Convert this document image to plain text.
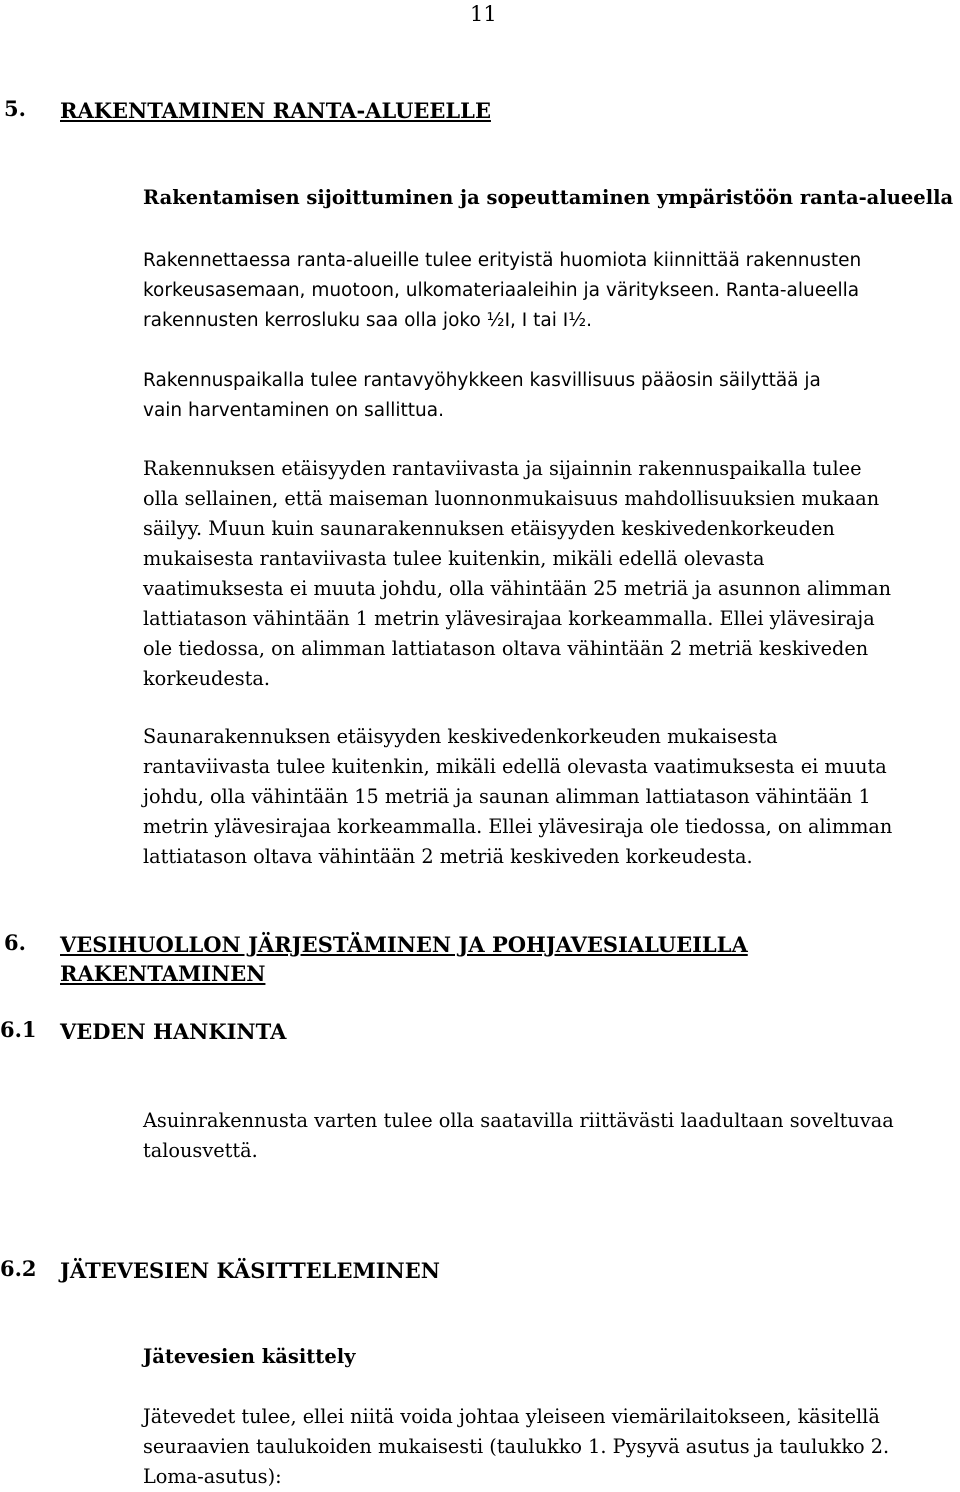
11
5. RAKENTAMINEN RANTA-ALUEELLE
Rakentamisen sijoittuminen ja sopeuttaminen ympäristöön ranta-alueella

Rakennettaessa ranta-alueille tulee erityistä huomiota kiinnittää rakennusten
korkeusasemaan, muotoon, ulkomateriaaleihin ja väritykseen. Ranta-alueella
rakennusten kerrosluku saa olla joko ½I, I tai I½.

Rakennuspaikalla tulee rantavyöhykkeen kasvillisuus pääosin säilyttää ja
vain harventaminen on sallittua.

Rakennuksen etäisyyden rantaviivasta ja sijainnin rakennuspaikalla tulee
olla sellainen, että maiseman luonnonmukaisuus mahdollisuuksien mukaan
säilyy. Muun kuin saunarakennuksen etäisyyden keskivedenkorkeuden
mukaisesta rantaviivasta tulee kuitenkin, mikäli edellä olevasta
vaatimuksesta ei muuta johdu, olla vähintään 25 metriä ja asunnon alimman
lattiatason vähintään 1 metrin ylävesirajaa korkeammalla. Ellei ylävesiraja
ole tiedossa, on alimman lattiatason oltava vähintään 2 metriä keskiveden
korkeudesta.

Saunarakennuksen etäisyyden keskivedenkorkeuden mukaisesta
rantaviivasta tulee kuitenkin, mikäli edellä olevasta vaatimuksesta ei muuta
johdu, olla vähintään 15 metriä ja saunan alimman lattiatason vähintään 1
metrin ylävesirajaa korkeammalla. Ellei ylävesiraja ole tiedossa, on alimman
lattiatason oltava vähintään 2 metriä keskiveden korkeudesta.

6. VESIHUOLLON JÄRJESTÄMINEN JA POHJAVESIALUEILLA
RAKENTAMINEN
6.1 VEDEN HANKINTA

Asuinrakennusta varten tulee olla saatavilla riittävästi laadultaan soveltuvaa
talousvettä.

6.2 JÄTEVESIEN KÄSITTELEMINEN
Jätevesien käsittely

Jätevedet tulee, ellei niitä voida johtaa yleiseen viemärilaitokseen, käsitellä
seuraavien taulukoiden mukaisesti (taulukko 1. Pysyvä asutus ja taulukko 2.
Loma-asutus):
